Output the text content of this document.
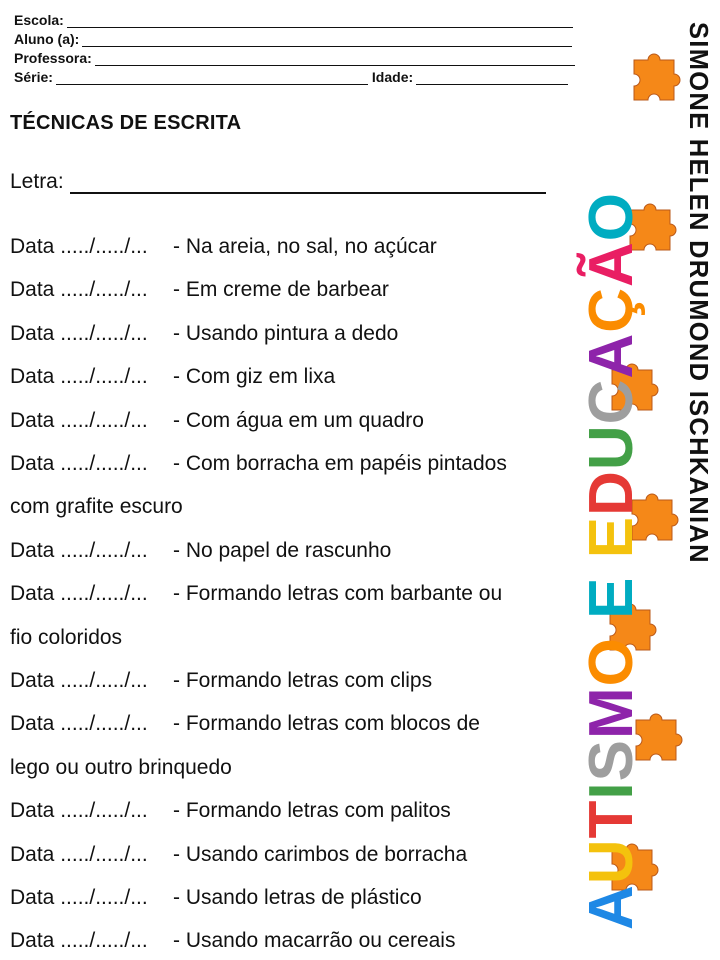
Escola:
Aluno (a):
Professora:
Série:	Idade:
TÉCNICAS DE ESCRITA
Letra:
Data ...../...../... - Na areia, no sal, no açúcar
Data ...../...../... - Em creme de barbear
Data ...../...../... - Usando pintura a dedo
Data ...../...../... - Com giz em lixa
Data ...../...../... - Com água em um quadro
Data ...../...../... - Com borracha em papéis pintados
com grafite escuro
Data ...../...../... - No papel de rascunho
Data ...../...../... - Formando letras com barbante ou
fio coloridos
Data ...../...../... - Formando letras com clips
Data ...../...../... - Formando letras com blocos de
lego ou outro brinquedo
Data ...../...../... - Formando letras com palitos
Data ...../...../... - Usando carimbos de borracha
Data ...../...../... - Usando letras de plástico
Data ...../...../... - Usando macarrão ou cereais
AUTISMO E EDUCAÇÃO SIMONE HELEN DRUMOND ISCHKANIAN
